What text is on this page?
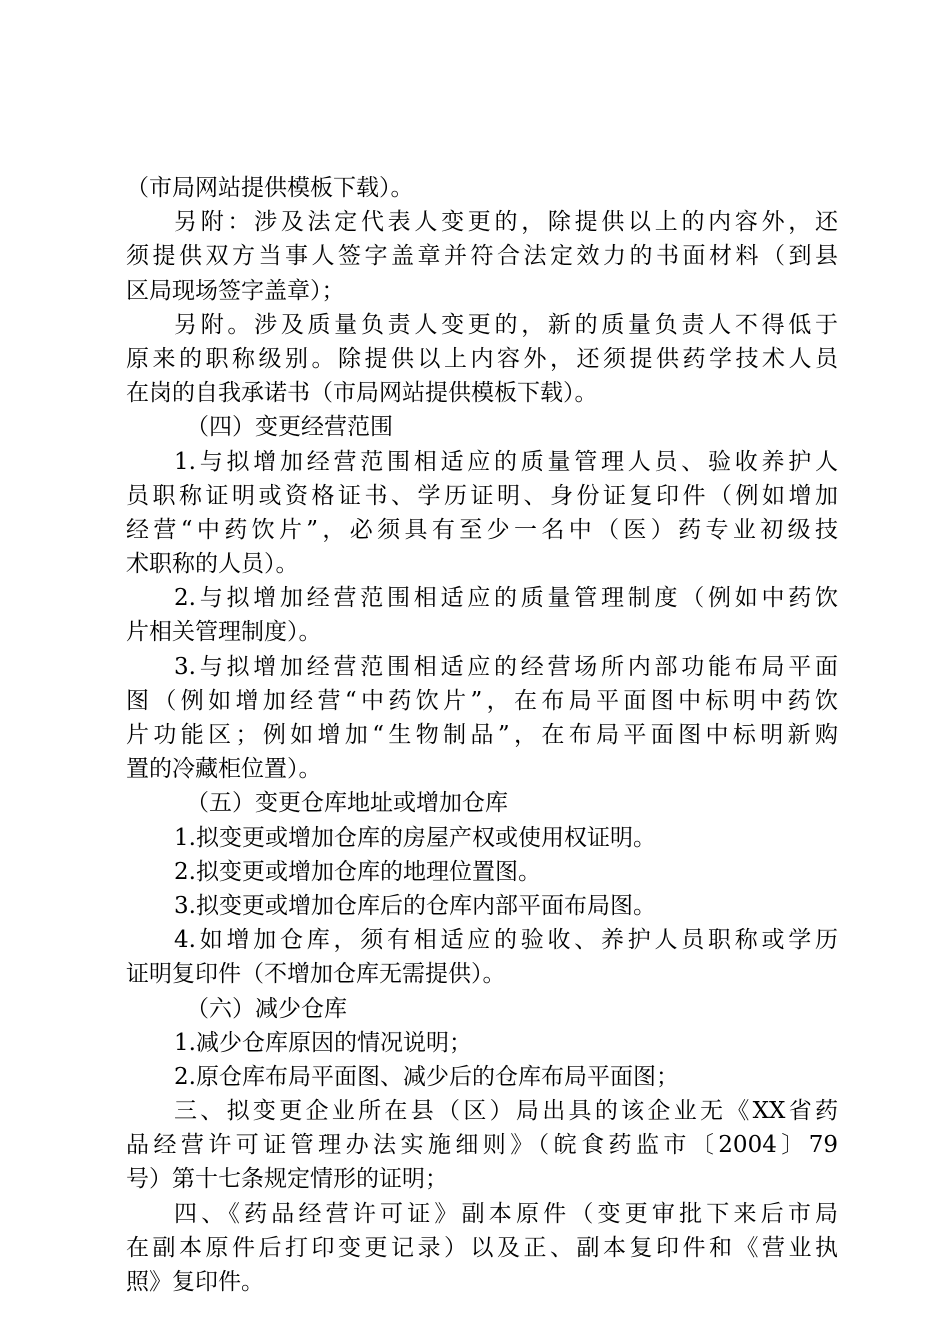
（市局网站提供模板下载）。
另附：涉及法定代表人变更的，除提供以上的内容外，还
须提供双方当事人签字盖章并符合法定效力的书面材料（到县
区局现场签字盖章）；
另附。涉及质量负责人变更的，新的质量负责人不得低于
原来的职称级别。除提供以上内容外，还须提供药学技术人员
在岗的自我承诺书（市局网站提供模板下载）。
（四）变更经营范围
1.与拟增加经营范围相适应的质量管理人员、验收养护人
员职称证明或资格证书、学历证明、身份证复印件（例如增加
经营“中药饮片”，必须具有至少一名中（医）药专业初级技
术职称的人员）。
2.与拟增加经营范围相适应的质量管理制度（例如中药饮
片相关管理制度）。
3.与拟增加经营范围相适应的经营场所内部功能布局平面
图（例如增加经营“中药饮片”，在布局平面图中标明中药饮
片功能区；例如增加“生物制品”，在布局平面图中标明新购
置的冷藏柜位置）。
（五）变更仓库地址或增加仓库
1.拟变更或增加仓库的房屋产权或使用权证明。
2.拟变更或增加仓库的地理位置图。
3.拟变更或增加仓库后的仓库内部平面布局图。
4.如增加仓库，须有相适应的验收、养护人员职称或学历
证明复印件（不增加仓库无需提供）。
（六）减少仓库
1.减少仓库原因的情况说明；
2.原仓库布局平面图、减少后的仓库布局平面图；
三、拟变更企业所在县（区）局出具的该企业无《XX省药
品经营许可证管理办法实施细则》（皖食药监市〔2004〕79
号）第十七条规定情形的证明；
四、《药品经营许可证》副本原件（变更审批下来后市局
在副本原件后打印变更记录）以及正、副本复印件和《营业执
照》复印件。
